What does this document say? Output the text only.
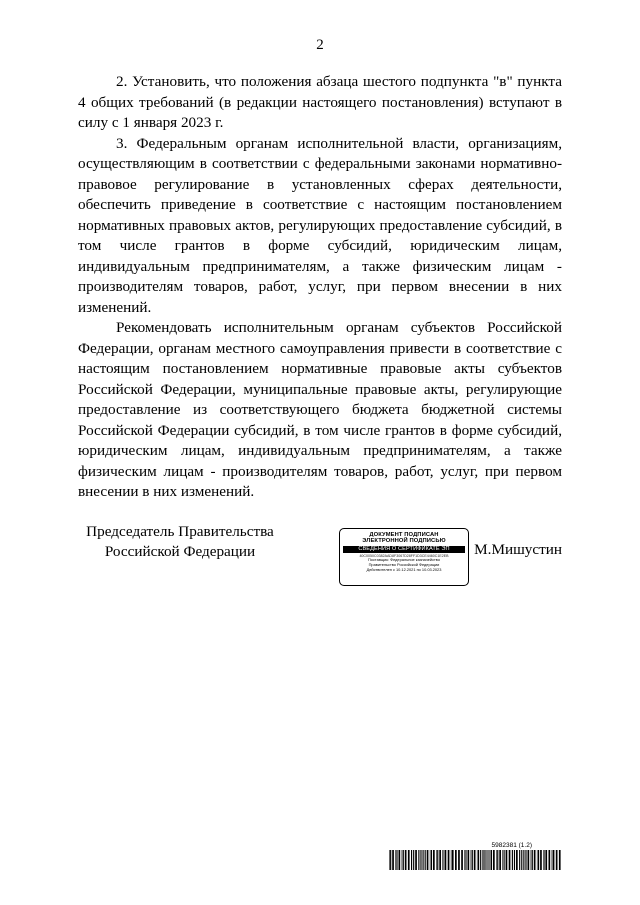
2

2. Установить, что положения абзаца шестого подпункта "в" пункта 4 общих требований (в редакции настоящего постановления) вступают в силу с 1 января 2023 г.

3. Федеральным органам исполнительной власти, организациям, осуществляющим в соответствии с федеральными законами нормативно-правовое регулирование в установленных сферах деятельности, обеспечить приведение в соответствие с настоящим постановлением нормативных правовых актов, регулирующих предоставление субсидий, в том числе грантов в форме субсидий, юридическим лицам, индивидуальным предпринимателям, а также физическим лицам - производителям товаров, работ, услуг, при первом внесении в них изменений.

Рекомендовать исполнительным органам субъектов Российской Федерации, органам местного самоуправления привести в соответствие с настоящим постановлением нормативные правовые акты субъектов Российской Федерации, муниципальные правовые акты, регулирующие предоставление из соответствующего бюджета бюджетной системы Российской Федерации субсидий, в том числе грантов в форме субсидий, юридическим лицам, индивидуальным предпринимателям, а также физическим лицам - производителям товаров, работ, услуг, при первом внесении в них изменений.

Председатель Правительства
Российской Федерации
ДОКУМЕНТ ПОДПИСАН
ЭЛЕКТРОННОЙ ПОДПИСЬЮ
СВЕДЕНИЯ О СЕРТИФИКАТЕ ЭП
40C0050C0382AAD8F3067D28FF1D3CE4460C1E2EB
Поставщик: Федеральное казначейство
Правительство Российской Федерации
Действителен с 10.12.2021 по 10.03.2023
М.Мишустин
5982381 (1.2)
